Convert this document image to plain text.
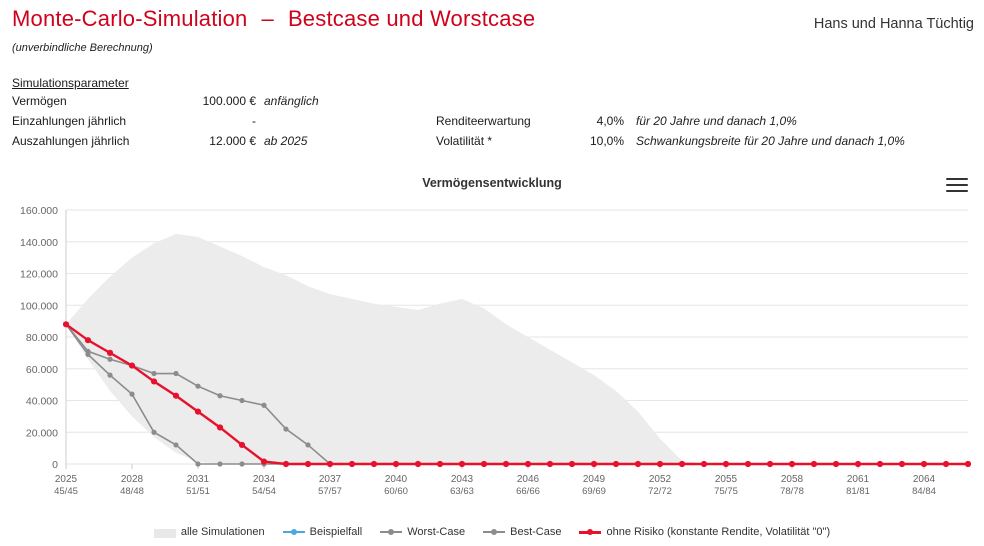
Monte-Carlo-Simulation – Bestcase und Worstcase	Hans und Hanna Tüchtig
(unverbindliche Berechnung)
Simulationsparameter
Vermögen	100.000 € anfänglich
Einzahlungen jährlich	-
Auszahlungen jährlich	12.000 € ab 2025
Renditeerwartung	4,0% für 20 Jahre und danach 1,0%
Volatilität *	10,0% Schwankungsbreite für 20 Jahre und danach 1,0%
Vermögensentwicklung
0
20.000
40.000
60.000
80.000
100.000
120.000
140.000
160.000
2025
45/45
2028
48/48
2031
51/51
2034
54/54
2037
57/57
2040
60/60
2043
63/63
2046
66/66
2049
69/69
2052
72/72
2055
75/75
2058
78/78
2061
81/81
2064
84/84
alle Simulationen	Beispielfall	Worst-Case	Best-Case	ohne Risiko (konstante Rendite, Volatilität "0")
